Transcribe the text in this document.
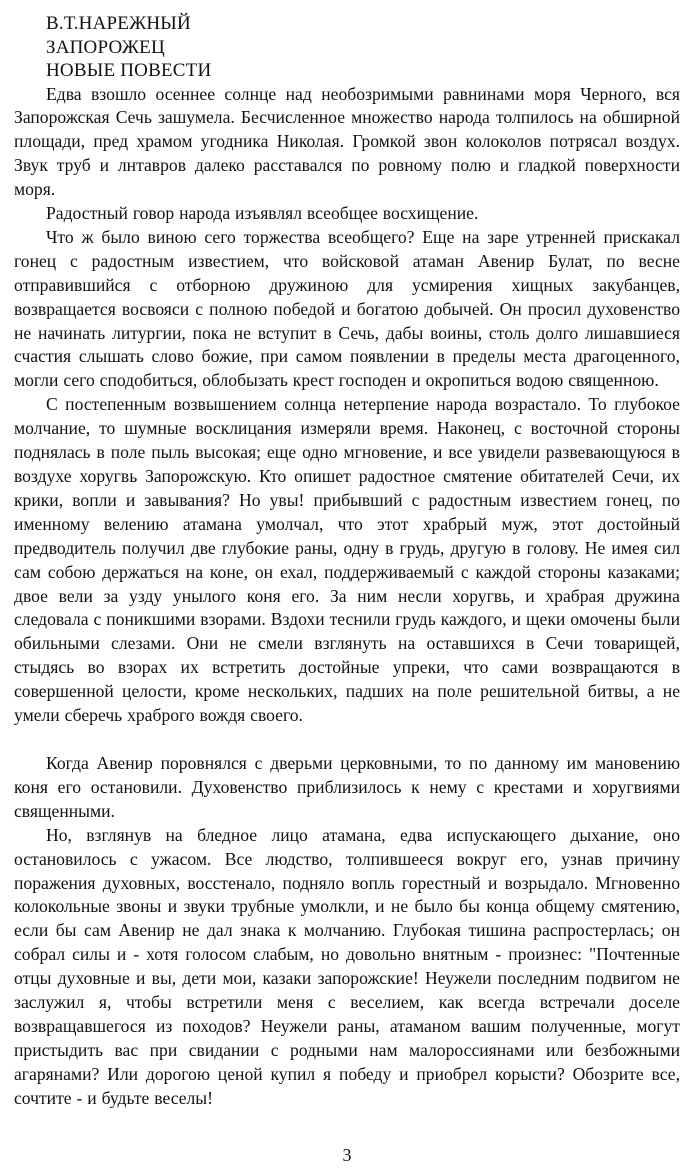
В.Т.НАРЕЖНЫЙ
ЗАПОРОЖЕЦ
НОВЫЕ ПОВЕСТИ

Едва взошло осеннее солнце над необозримыми равнинами моря Черного, вся Запорожская Сечь зашумела. Бесчисленное множество народа толпилось на обширной площади, пред храмом угодника Николая. Громкой звон колоколов потрясал воздух. Звук труб и лнтавров далеко расставался по ровному полю и гладкой поверхности моря.

Радостный говор народа изъявлял всеобщее восхищение.

Что ж было виною сего торжества всеобщего? Еще на заре утренней прискакал гонец с радостным известием, что войсковой атаман Авенир Булат, по весне отправившийся с отборною дружиною для усмирения хищных закубанцев, возвращается восвояси с полною победой и богатою добычей. Он просил духовенство не начинать литургии, пока не вступит в Сечь, дабы воины, столь долго лишавшиеся счастия слышать слово божие, при самом появлении в пределы места драгоценного, могли сего сподобиться, облобызать крест господен и окропиться водою священною.

С постепенным возвышением солнца нетерпение народа возрастало. То глубокое молчание, то шумные восклицания измеряли время. Наконец, с восточной стороны поднялась в поле пыль высокая; еще одно мгновение, и все увидели развевающуюся в воздухе хоругвь Запорожскую. Кто опишет радостное смятение обитателей Сечи, их крики, вопли и завывания? Но увы! прибывший с радостным известием гонец, по именному велению атамана умолчал, что этот храбрый муж, этот достойный предводитель получил две глубокие раны, одну в грудь, другую в голову. Не имея сил сам собою держаться на коне, он ехал, поддерживаемый с каждой стороны казаками; двое вели за узду унылого коня его. За ним несли хоругвь, и храбрая дружина следовала с поникшими взорами. Вздохи теснили грудь каждого, и щеки омочены были обильными слезами. Они не смели взглянуть на оставшихся в Сечи товарищей, стыдясь во взорах их встретить достойные упреки, что сами возвращаются в совершенной целости, кроме нескольких, падших на поле решительной битвы, а не умели сберечь храброго вождя своего.

Когда Авенир поровнялся с дверьми церковными, то по данному им мановению коня его остановили. Духовенство приблизилось к нему с крестами и хоругвиями священными.

Но, взглянув на бледное лицо атамана, едва испускающего дыхание, оно остановилось с ужасом. Все людство, толпившееся вокруг его, узнав причину поражения духовных, восстенало, подняло вопль горестный и возрыдало. Мгновенно колокольные звоны и звуки трубные умолкли, и не было бы конца общему смятению, если бы сам Авенир не дал знака к молчанию. Глубокая тишина распростерлась; он собрал силы и - хотя голосом слабым, но довольно внятным - произнес: "Почтенные отцы духовные и вы, дети мои, казаки запорожские! Неужели последним подвигом не заслужил я, чтобы встретили меня с веселием, как всегда встречали доселе возвращавшегося из походов? Неужели раны, атаманом вашим полученные, могут пристыдить вас при свидании с родными нам малороссиянами или безбожными агарянами? Или дорогою ценой купил я победу и приобрел корысти? Обозрите все, сочтите - и будьте веселы!

3
